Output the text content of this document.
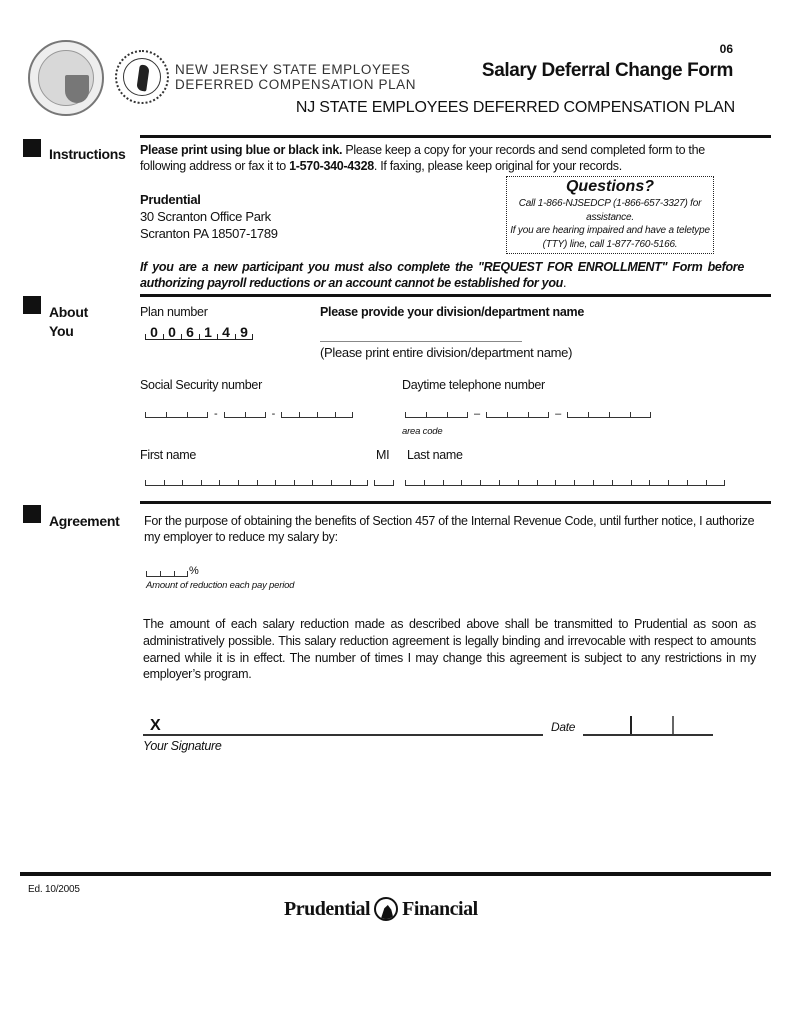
NEW JERSEY STATE EMPLOYEES
DEFERRED COMPENSATION PLAN
06
Salary Deferral Change Form
NJ STATE EMPLOYEES DEFERRED COMPENSATION PLAN
Instructions Please print using blue or black ink. Please keep a copy for your records and send completed form to the
following address or fax it to 1-570-340-4328. If faxing, please keep original for your records.
Prudential
30 Scranton Office Park
Scranton PA 18507-1789
Questions?
Call 1-866-NJSEDCP (1-866-657-3327) for
assistance.
If you are hearing impaired and have a teletype
(TTY) line, call 1-877-760-5166.
If you are a new participant you must also complete the "REQUEST FOR ENROLLMENT" Form before authorizing payroll reductions or an account cannot be established for you.
About
You
Plan number
0 0 6 1 4 9
Please provide your division/department name
(Please print entire division/department name)
Social Security number
-	-
Daytime telephone number
–	–
area code
First name	MI Last name
Agreement For the purpose of obtaining the benefits of Section 457 of the Internal Revenue Code, until further notice, I authorize my employer to reduce my salary by:
%
Amount of reduction each pay period
The amount of each salary reduction made as described above shall be transmitted to Prudential as soon as administratively possible. This salary reduction agreement is legally binding and irrevocable with respect to amounts earned while it is in effect. The number of times I may change this agreement is subject to any restrictions in my employer’s program.
X
Your Signature
Date
Ed. 10/2005
Prudential Financial
